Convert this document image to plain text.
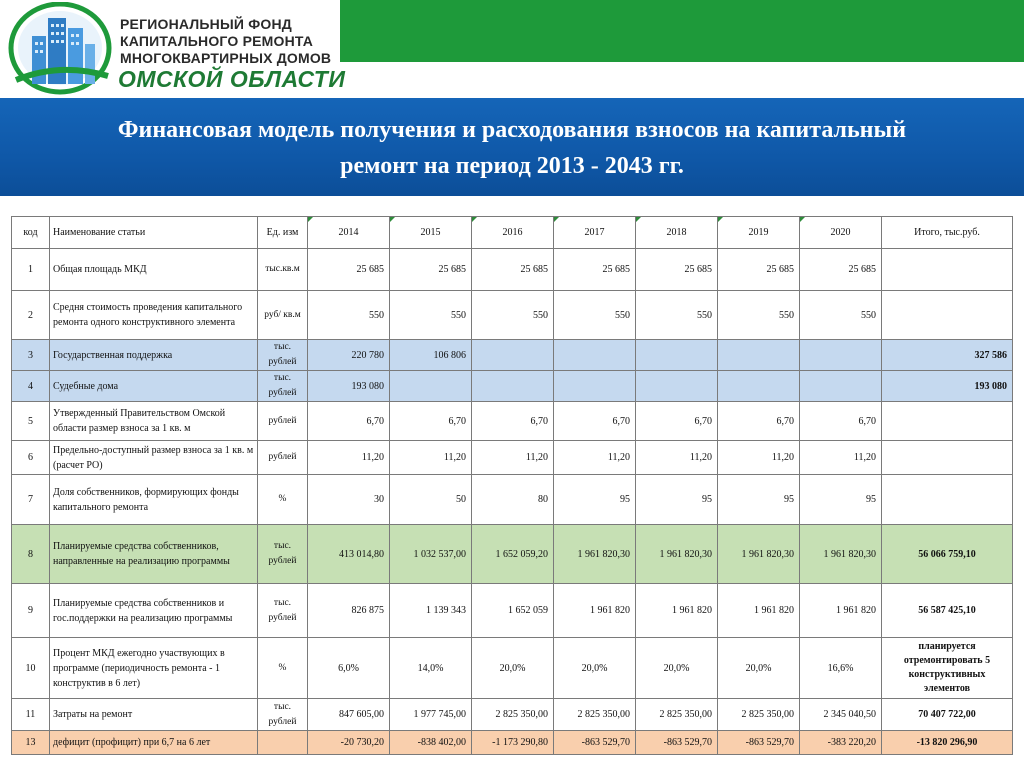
РЕГИОНАЛЬНЫЙ ФОНД
КАПИТАЛЬНОГО РЕМОНТА
МНОГОКВАРТИРНЫХ ДОМОВ
ОМСКОЙ ОБЛАСТИ
Финансовая модель получения и расходования взносов на капитальный
ремонт на период 2013 - 2043 гг.
код	Наименование статьи	Ед. изм	2014	2015	2016	2017	2018	2019	2020	Итого, тыс.руб.
1	Общая площадь МКД	тыс.кв.м	25 685	25 685	25 685	25 685	25 685	25 685	25 685	
2	Средня стоимость проведения капитального ремонта одного конструктивного элемента	руб/ кв.м	550	550	550	550	550	550	550	
3	Государственная поддержка	тыс. рублей	220 780	106 806						327 586
4	Судебные дома	тыс. рублей	193 080							193 080
5	Утвержденный Правительством Омской области размер взноса за 1 кв. м	рублей	6,70	6,70	6,70	6,70	6,70	6,70	6,70	
6	Предельно-доступный размер взноса за 1 кв. м (расчет РО)	рублей	11,20	11,20	11,20	11,20	11,20	11,20	11,20	
7	Доля собственников, формирующих фонды капитального ремонта	%	30	50	80	95	95	95	95	
8	Планируемые средства собственников, направленные на реализацию программы	тыс. рублей	413 014,80	1 032 537,00	1 652 059,20	1 961 820,30	1 961 820,30	1 961 820,30	1 961 820,30	56 066 759,10
9	Планируемые средства собственников и гос.поддержки на реализацию программы	тыс. рублей	826 875	1 139 343	1 652 059	1 961 820	1 961 820	1 961 820	1 961 820	56 587 425,10
10	Процент МКД ежегодно участвующих в программе (периодичность ремонта - 1 конструктив в 6 лет)	%	6,0%	14,0%	20,0%	20,0%	20,0%	20,0%	16,6%	планируется отремонтировать 5 конструктивных элементов
11	Затраты на ремонт	тыс. рублей	847 605,00	1 977 745,00	2 825 350,00	2 825 350,00	2 825 350,00	2 825 350,00	2 345 040,50	70 407 722,00
13	дефицит (профицит) при 6,7 на 6 лет		-20 730,20	-838 402,00	-1 173 290,80	-863 529,70	-863 529,70	-863 529,70	-383 220,20	-13 820 296,90
